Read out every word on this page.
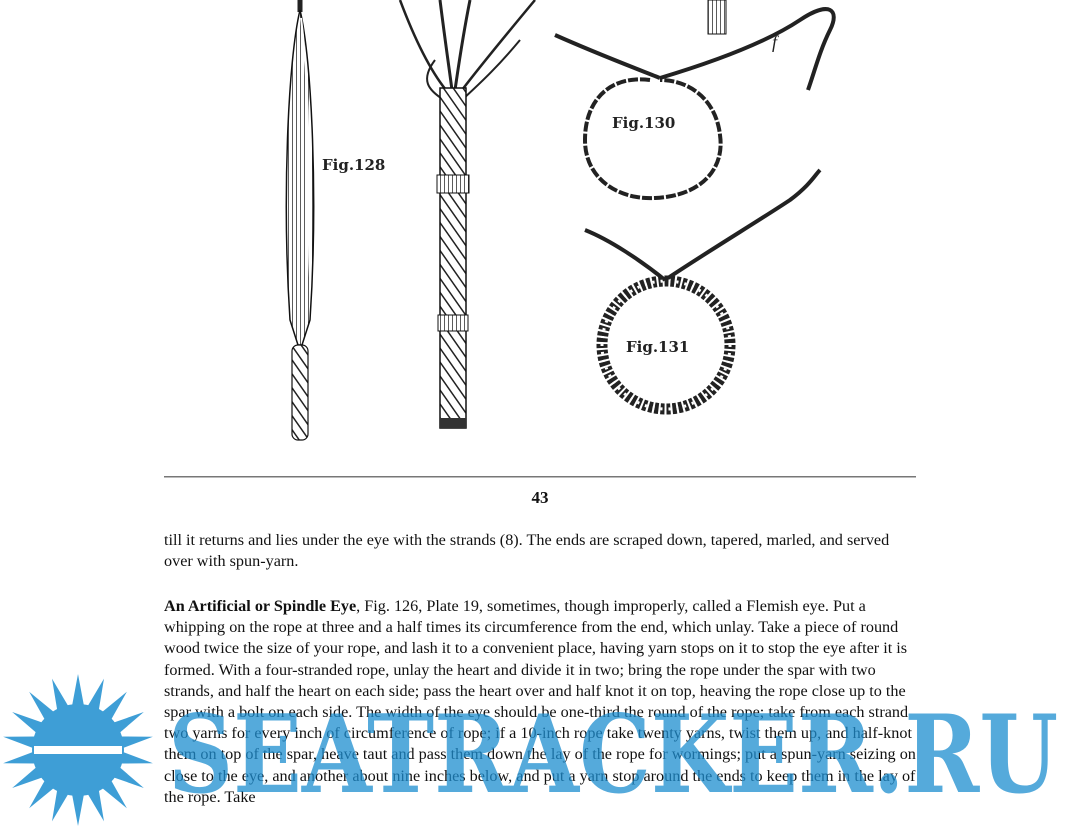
Fig.128
Fig.130
f
Fig.131
43

till it returns and lies under the eye with the strands (8). The ends are scraped down, tapered, marled, and served over with spun-yarn.

An Artificial or Spindle Eye, Fig. 126, Plate 19, sometimes, though improperly, called a Flemish eye. Put a whipping on the rope at three and a half times its circumference from the end, which unlay. Take a piece of round wood twice the size of your rope, and lash it to a convenient place, having yarn stops on it to stop the eye after it is formed. With a four-stranded rope, unlay the heart and divide it in two; bring the rope under the spar with two strands, and half the heart on each side; pass the heart over and half knot it on top, heaving the rope close up to the spar with a bolt on each side. The width of the eye should be one-third the round of the rope; take from each strand two yarns for every inch of circumference of rope; if a 10-inch rope take twenty yarns, twist them up, and half-knot them on top of the spar, heave taut and pass them down the lay of the rope for wormings; put a spun-yarn seizing on close to the eye, and another about nine inches below, and put a yarn stop around the ends to keep them in the lay of the rope. Take

SEATRACKER.RU
